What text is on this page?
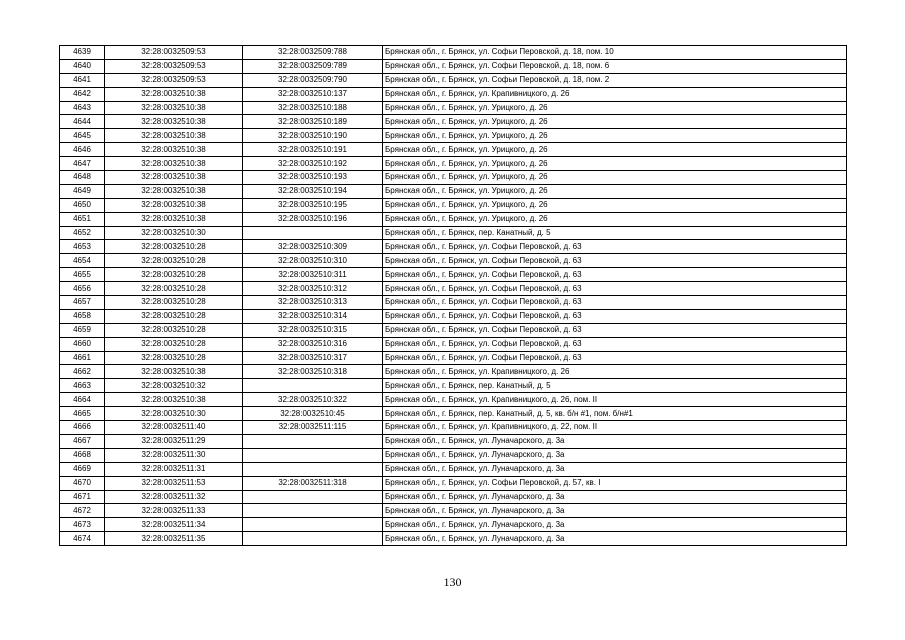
4639	32:28:0032509:53	32:28:0032509:788	Брянская обл., г. Брянск, ул. Софьи Перовской, д. 18, пом. 10
4640	32:28:0032509:53	32:28:0032509:789	Брянская обл., г. Брянск, ул. Софьи Перовской, д. 18, пом. 6
4641	32:28:0032509:53	32:28:0032509:790	Брянская обл., г. Брянск, ул. Софьи Перовской, д. 18, пом. 2
4642	32:28:0032510:38	32:28:0032510:137	Брянская обл., г. Брянск, ул. Крапивницкого, д. 26
4643	32:28:0032510:38	32:28:0032510:188	Брянская обл., г. Брянск, ул. Урицкого, д. 26
4644	32:28:0032510:38	32:28:0032510:189	Брянская обл., г. Брянск, ул. Урицкого, д. 26
4645	32:28:0032510:38	32:28:0032510:190	Брянская обл., г. Брянск, ул. Урицкого, д. 26
4646	32:28:0032510:38	32:28:0032510:191	Брянская обл., г. Брянск, ул. Урицкого, д. 26
4647	32:28:0032510:38	32:28:0032510:192	Брянская обл., г. Брянск, ул. Урицкого, д. 26
4648	32:28:0032510:38	32:28:0032510:193	Брянская обл., г. Брянск, ул. Урицкого, д. 26
4649	32:28:0032510:38	32:28:0032510:194	Брянская обл., г. Брянск, ул. Урицкого, д. 26
4650	32:28:0032510:38	32:28:0032510:195	Брянская обл., г. Брянск, ул. Урицкого, д. 26
4651	32:28:0032510:38	32:28:0032510:196	Брянская обл., г. Брянск, ул. Урицкого, д. 26
4652	32:28:0032510:30		Брянская обл., г. Брянск, пер. Канатный, д. 5
4653	32:28:0032510:28	32:28:0032510:309	Брянская обл., г. Брянск, ул. Софьи Перовской, д. 63
4654	32:28:0032510:28	32:28:0032510:310	Брянская обл., г. Брянск, ул. Софьи Перовской, д. 63
4655	32:28:0032510:28	32:28:0032510:311	Брянская обл., г. Брянск, ул. Софьи Перовской, д. 63
4656	32:28:0032510:28	32:28:0032510:312	Брянская обл., г. Брянск, ул. Софьи Перовской, д. 63
4657	32:28:0032510:28	32:28:0032510:313	Брянская обл., г. Брянск, ул. Софьи Перовской, д. 63
4658	32:28:0032510:28	32:28:0032510:314	Брянская обл., г. Брянск, ул. Софьи Перовской, д. 63
4659	32:28:0032510:28	32:28:0032510:315	Брянская обл., г. Брянск, ул. Софьи Перовской, д. 63
4660	32:28:0032510:28	32:28:0032510:316	Брянская обл., г. Брянск, ул. Софьи Перовской, д. 63
4661	32:28:0032510:28	32:28:0032510:317	Брянская обл., г. Брянск, ул. Софьи Перовской, д. 63
4662	32:28:0032510:38	32:28:0032510:318	Брянская обл., г. Брянск, ул. Крапивницкого, д. 26
4663	32:28:0032510:32		Брянская обл., г. Брянск, пер. Канатный, д. 5
4664	32:28:0032510:38	32:28:0032510:322	Брянская обл., г. Брянск, ул. Крапивницкого, д. 26, пом. II
4665	32:28:0032510:30	32:28:0032510:45	Брянская обл., г. Брянск, пер. Канатный, д. 5, кв. б/н #1, пом. б/н#1
4666	32:28:0032511:40	32:28:0032511:115	Брянская обл., г. Брянск, ул. Крапивницкого, д. 22, пом. II
4667	32:28:0032511:29		Брянская обл., г. Брянск, ул. Луначарского, д. 3а
4668	32:28:0032511:30		Брянская обл., г. Брянск, ул. Луначарского, д. 3а
4669	32:28:0032511:31		Брянская обл., г. Брянск, ул. Луначарского, д. 3а
4670	32:28:0032511:53	32:28:0032511:318	Брянская обл., г. Брянск, ул. Софьи Перовской, д. 57, кв. I
4671	32:28:0032511:32		Брянская обл., г. Брянск, ул. Луначарского, д. 3а
4672	32:28:0032511:33		Брянская обл., г. Брянск, ул. Луначарского, д. 3а
4673	32:28:0032511:34		Брянская обл., г. Брянск, ул. Луначарского, д. 3а
4674	32:28:0032511:35		Брянская обл., г. Брянск, ул. Луначарского, д. 3а
130
